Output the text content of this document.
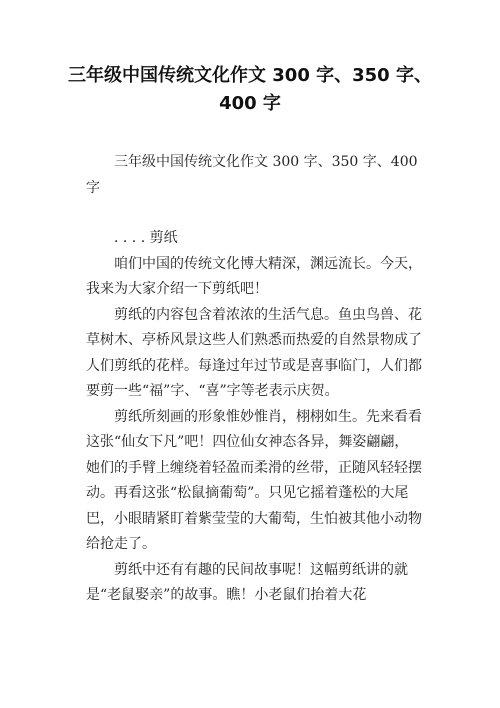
三年级中国传统文化作文 300 字、350 字、400 字

三年级中国传统文化作文 300 字、350 字、400 字

. . . . 剪纸

咱们中国的传统文化博大精深，渊远流长。今天，我来为大家介绍一下剪纸吧！

剪纸的内容包含着浓浓的生活气息。鱼虫鸟兽、花草树木、亭桥风景这些人们熟悉而热爱的自然景物成了人们剪纸的花样。每逢过年过节或是喜事临门，人们都要剪一些“福”字、“喜”字等老表示庆贺。

剪纸所刻画的形象惟妙惟肖，栩栩如生。先来看看这张“仙女下凡”吧！四位仙女神态各异，舞姿翩翩，她们的手臂上缠绕着轻盈而柔滑的丝带，正随风轻轻摆动。再看这张“松鼠摘葡萄”。只见它摇着蓬松的大尾巴，小眼睛紧盯着紫莹莹的大葡萄，生怕被其他小动物给抢走了。

剪纸中还有有趣的民间故事呢！这幅剪纸讲的就是“老鼠娶亲”的故事。瞧！小老鼠们抬着大花
